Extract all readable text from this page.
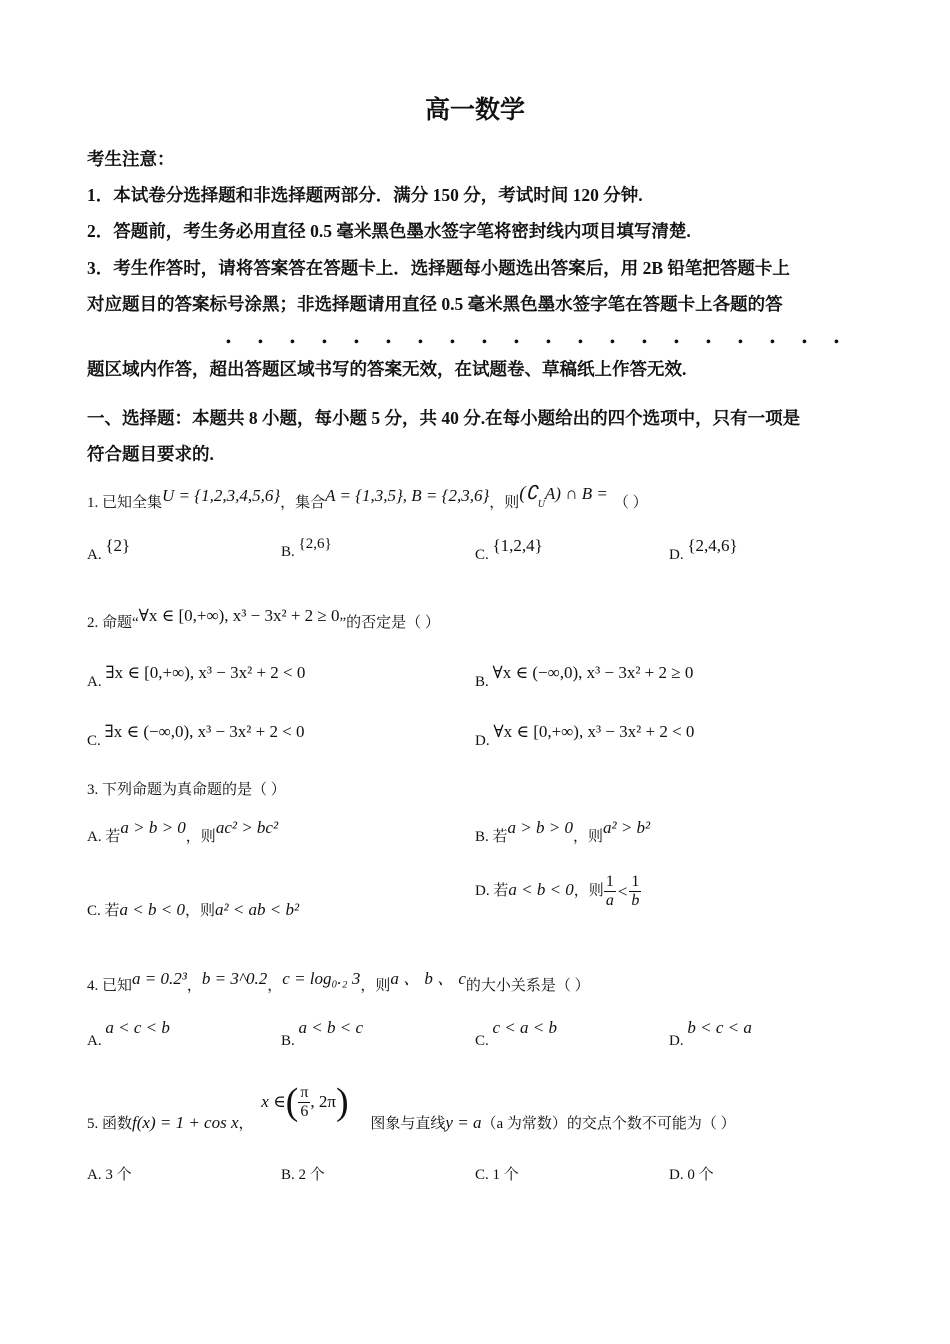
高一数学
考生注意：
1．本试卷分选择题和非选择题两部分．满分 150 分，考试时间 120 分钟.
2．答题前，考生务必用直径 0.5 毫米黑色墨水签字笔将密封线内项目填写清楚.
3．考生作答时，请将答案答在答题卡上．选择题每小题选出答案后，用 2B 铅笔把答题卡上
对应题目的答案标号涂黑；非选择题请用直径 0.5 毫米黑色墨水签字笔在答题卡上各题的答
• • • • • • • • • • • • • • • • • • • •
题区域内作答，超出答题区域书写的答案无效，在试题卷、草稿纸上作答无效.
一、选择题：本题共 8 小题，每小题 5 分，共 40 分.在每小题给出的四个选项中，只有一项是
符合题目要求的.
1. 已知全集U = {1,2,3,4,5,6}，集合A = {1,3,5}, B = {2,3,6}，则$(∁_UA)$ ∩ B = （ ）
A. {2}	B. {2,6}
C. {1,2,4}	D. {2,4,6}
2. 命题“∀x ∈ [0,+∞), x³ − 3x² + 2 ≥ 0”的否定是（ ）
A. ∃x ∈ [0,+∞), x³ − 3x² + 2 < 0	B. ∀x ∈ (−∞,0), x³ − 3x² + 2 ≥ 0
C. ∃x ∈ (−∞,0), x³ − 3x² + 2 < 0	D. ∀x ∈ [0,+∞), x³ − 3x² + 2 < 0
3. 下列命题为真命题的是（ ）
A. 若a > b > 0，则ac² > bc²	B. 若a > b > 0，则a² > b²
C. 若a < b < 0，则a² < ab < b²
D. 若a < b < 0，则 $\frac{1}{a} < \frac{1}{b}$
4. 已知a = 0.2³，b = 3^0.2，c = log₀.₂ 3，则a 、 b 、 c的大小关系是（ ）
A. a < c < b
B. a < b < c
C. c < a < b
D. b < c < a
5. 函数f(x) = 1 + cos x， x ∈( $\frac{\pi}{6}$ , 2π) 图象与直线y = a（a 为常数）的交点个数不可能为（ ）
A. 3 个	B. 2 个	C. 1 个	D. 0 个
